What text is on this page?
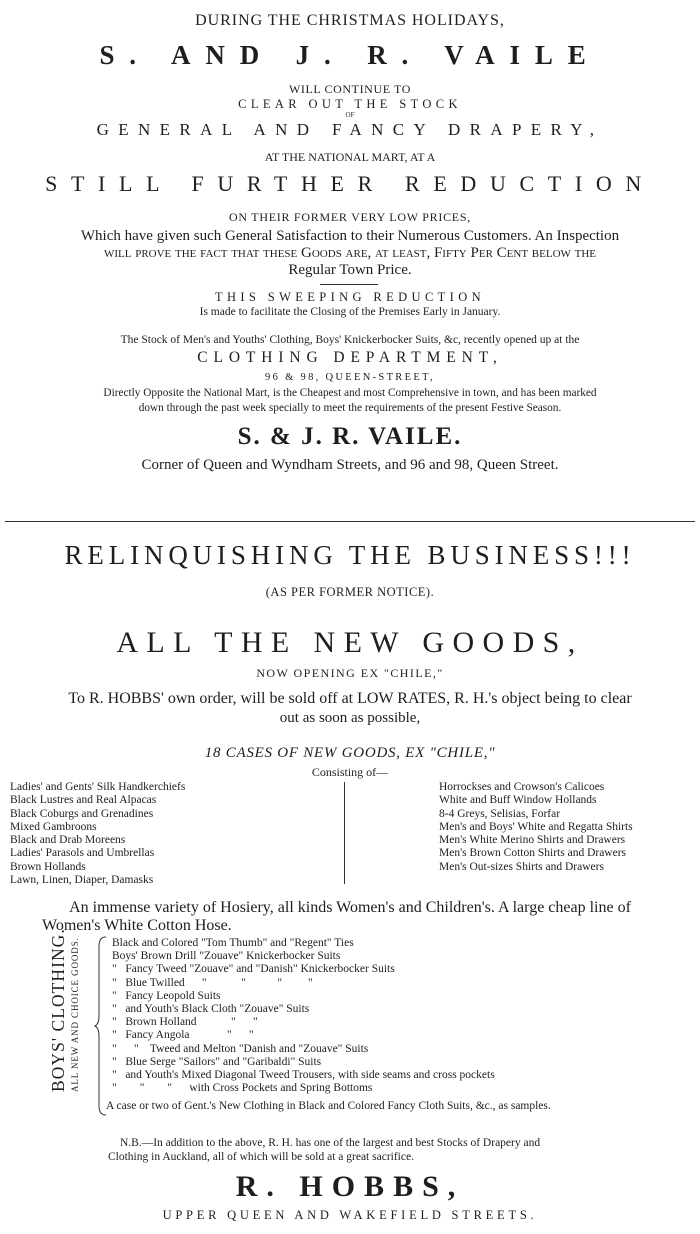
DURING THE CHRISTMAS HOLIDAYS,
S. AND J. R. VAILE
WILL CONTINUE TO
CLEAR OUT THE STOCK
OF
GENERAL AND FANCY DRAPERY,
AT THE NATIONAL MART, AT A
STILL FURTHER REDUCTION
ON THEIR FORMER VERY LOW PRICES,
Which have given such General Satisfaction to their Numerous Customers. An Inspection
will prove the fact that these Goods are, at least, Fifty Per Cent below the
Regular Town Price.
THIS SWEEPING REDUCTION
Is made to facilitate the Closing of the Premises Early in January.
The Stock of Men's and Youths' Clothing, Boys' Knickerbocker Suits, &c, recently opened up at the
CLOTHING DEPARTMENT,
96 & 98, QUEEN-STREET,
Directly Opposite the National Mart, is the Cheapest and most Comprehensive in town, and has been marked
down through the past week specially to meet the requirements of the present Festive Season.
S. & J. R. VAILE.
Corner of Queen and Wyndham Streets, and 96 and 98, Queen Street.
RELINQUISHING THE BUSINESS!!!
(AS PER FORMER NOTICE).
ALL THE NEW GOODS,
NOW OPENING EX "CHILE,"
To R. HOBBS' own order, will be sold off at LOW RATES, R. H.'s object being to clear
out as soon as possible,
18 CASES OF NEW GOODS, EX "CHILE,"
Consisting of—
Ladies' and Gents' Silk Handkerchiefs
Black Lustres and Real Alpacas
Black Coburgs and Grenadines
Mixed Gambroons
Black and Drab Moreens
Ladies' Parasols and Umbrellas
Brown Hollands
Lawn, Linen, Diaper, Damasks
Horrockses and Crowson's Calicoes
White and Buff Window Hollands
8-4 Greys, Selisias, Forfar
Men's and Boys' White and Regatta Shirts
Men's White Merino Shirts and Drawers
Men's Brown Cotton Shirts and Drawers
Men's Out-sizes Shirts and Drawers
An immense variety of Hosiery, all kinds Women's and Children's. A large cheap line of
Women's White Cotton Hose.
BOYS' CLOTHING. ALL NEW AND CHOICE GOODS.	Black and Colored "Tom Thumb" and "Regent" Ties
Boys' Brown Drill "Zouave" Knickerbocker Suits
"   Fancy Tweed "Zouave" and "Danish" Knickerbocker Suits
"   Blue Twilled      "            "           "         "
"   Fancy Leopold Suits
"   and Youth's Black Cloth "Zouave" Suits
"   Brown Holland            "      "
"   Fancy Angola             "      "
"      "    Tweed and Melton "Danish and "Zouave" Suits
"   Blue Serge "Sailors" and "Garibaldi" Suits
"   and Youth's Mixed Diagonal Tweed Trousers, with side seams and cross pockets
"        "        "      with Cross Pockets and Spring Bottoms
A case or two of Gent.'s New Clothing in Black and Colored Fancy Cloth Suits, &c., as samples.
N.B.—In addition to the above, R. H. has one of the largest and best Stocks of Drapery and
Clothing in Auckland, all of which will be sold at a great sacrifice.
R. HOBBS,
UPPER QUEEN AND WAKEFIELD STREETS.
